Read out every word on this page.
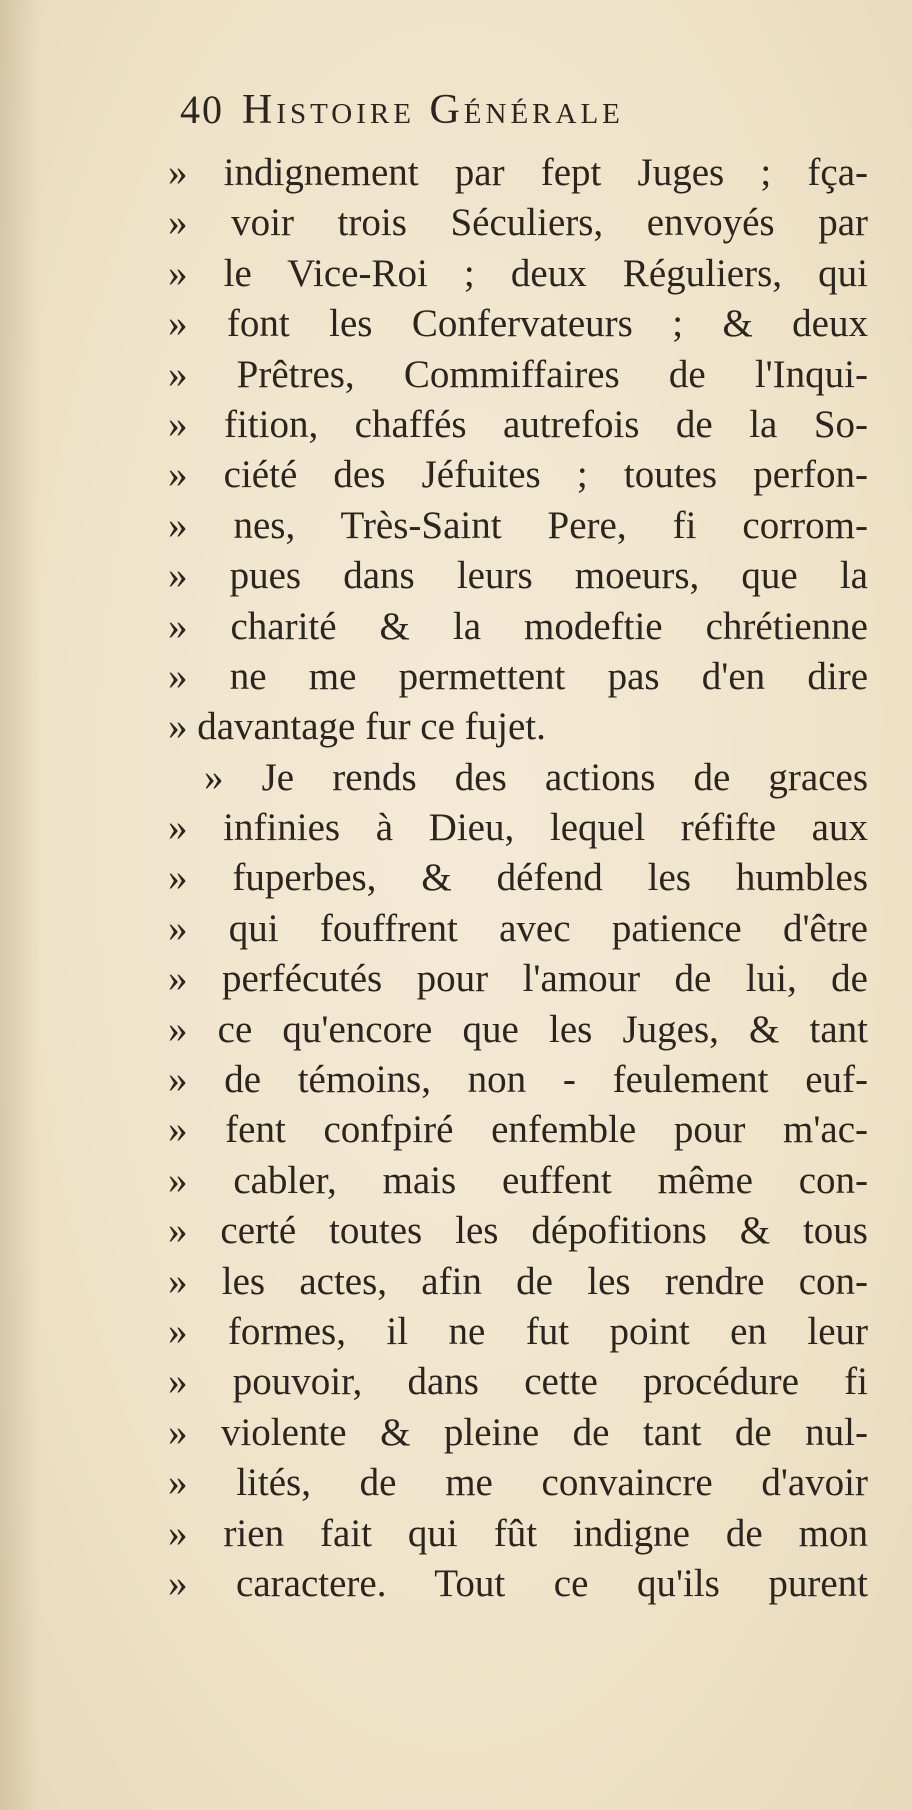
40 Histoire Générale
» indignement par fept Juges ; fça-
» voir trois Séculiers, envoyés par
» le Vice-Roi ; deux Réguliers, qui
» font les Confervateurs ; & deux
» Prêtres, Commiffaires de l'Inqui-
» fition, chaffés autrefois de la So-
» ciété des Jéfuites ; toutes perfon-
» nes, Très-Saint Pere, fi corrom-
» pues dans leurs moeurs, que la
» charité & la modeftie chrétienne
» ne me permettent pas d'en dire
» davantage fur ce fujet.
» Je rends des actions de graces
» infinies à Dieu, lequel réfifte aux
» fuperbes, & défend les humbles
» qui fouffrent avec patience d'être
» perfécutés pour l'amour de lui, de
» ce qu'encore que les Juges, & tant
» de témoins, non - feulement euf-
» fent confpiré enfemble pour m'ac-
» cabler, mais euffent même con-
» certé toutes les dépofitions & tous
» les actes, afin de les rendre con-
» formes, il ne fut point en leur
» pouvoir, dans cette procédure fi
» violente & pleine de tant de nul-
» lités, de me convaincre d'avoir
» rien fait qui fût indigne de mon
» caractere. Tout ce qu'ils purent
